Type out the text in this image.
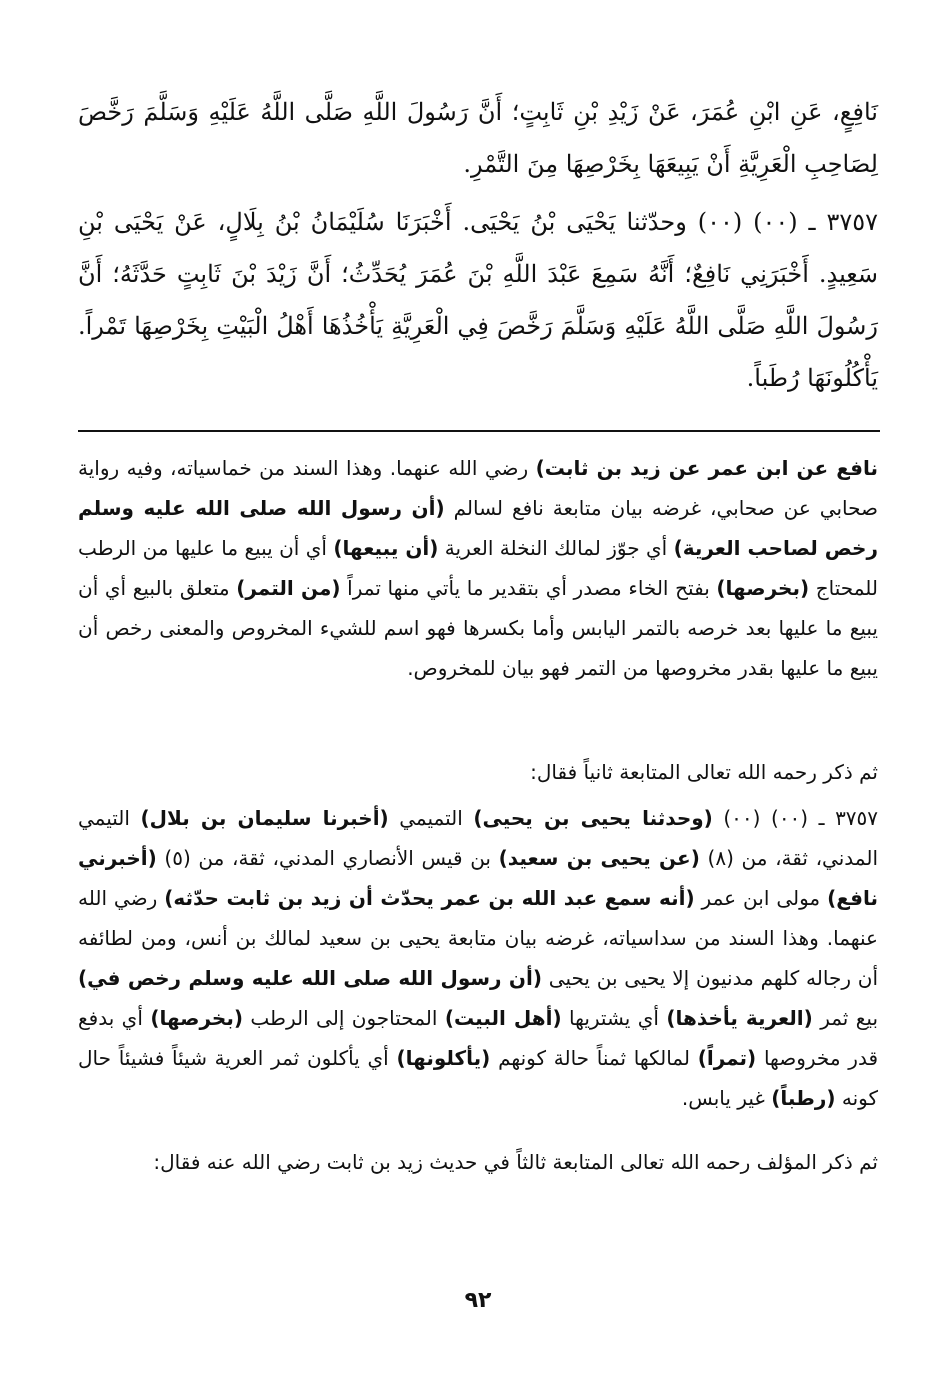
نَافِعٍ، عَنِ ابْنِ عُمَرَ، عَنْ زَيْدِ بْنِ ثَابِتٍ؛ أَنَّ رَسُولَ اللَّهِ صَلَّى اللَّهُ عَلَيْهِ وَسَلَّمَ رَخَّصَ لِصَاحِبِ الْعَرِيَّةِ أَنْ يَبِيعَهَا بِخَرْصِهَا مِنَ التَّمْرِ.

٣٧٥٧ ـ (٠٠) (٠٠) وحدّثنا يَحْيَى بْنُ يَحْيَى. أَخْبَرَنَا سُلَيْمَانُ بْنُ بِلَالٍ، عَنْ يَحْيَى بْنِ سَعِيدٍ. أَخْبَرَنِي نَافِعٌ؛ أَنَّهُ سَمِعَ عَبْدَ اللَّهِ بْنَ عُمَرَ يُحَدِّثُ؛ أَنَّ زَيْدَ بْنَ ثَابِتٍ حَدَّثَهُ؛ أَنَّ رَسُولَ اللَّهِ صَلَّى اللَّهُ عَلَيْهِ وَسَلَّمَ رَخَّصَ فِي الْعَرِيَّةِ يَأْخُذُهَا أَهْلُ الْبَيْتِ بِخَرْصِهَا تَمْراً. يَأْكُلُونَهَا رُطَباً.

نافع عن ابن عمر عن زيد بن ثابت) رضي الله عنهما. وهذا السند من خماسياته، وفيه رواية صحابي عن صحابي، غرضه بيان متابعة نافع لسالم (أن رسول الله صلى الله عليه وسلم رخص لصاحب العرية) أي جوّز لمالك النخلة العرية (أن يبيعها) أي أن يبيع ما عليها من الرطب للمحتاج (بخرصها) بفتح الخاء مصدر أي بتقدير ما يأتي منها تمراً (من التمر) متعلق بالبيع أي أن يبيع ما عليها بعد خرصه بالتمر اليابس وأما بكسرها فهو اسم للشيء المخروص والمعنى رخص أن يبيع ما عليها بقدر مخروصها من التمر فهو بيان للمخروص.

ثم ذكر رحمه الله تعالى المتابعة ثانياً فقال:

٣٧٥٧ ـ (٠٠) (٠٠) (وحدثنا يحيى بن يحيى) التميمي (أخبرنا سليمان بن بلال) التيمي المدني، ثقة، من (٨) (عن يحيى بن سعيد) بن قيس الأنصاري المدني، ثقة، من (٥) (أخبرني نافع) مولى ابن عمر (أنه سمع عبد الله بن عمر يحدّث أن زيد بن ثابت حدّثه) رضي الله عنهما. وهذا السند من سداسياته، غرضه بيان متابعة يحيى بن سعيد لمالك بن أنس، ومن لطائفه أن رجاله كلهم مدنيون إلا يحيى بن يحيى (أن رسول الله صلى الله عليه وسلم رخص في) بيع ثمر (العرية يأخذها) أي يشتريها (أهل البيت) المحتاجون إلى الرطب (بخرصها) أي بدفع قدر مخروصها (تمراً) لمالكها ثمناً حالة كونهم (يأكلونها) أي يأكلون ثمر العرية شيئاً فشيئاً حال كونه (رطباً) غير يابس.

ثم ذكر المؤلف رحمه الله تعالى المتابعة ثالثاً في حديث زيد بن ثابت رضي الله عنه فقال:

٩٢
